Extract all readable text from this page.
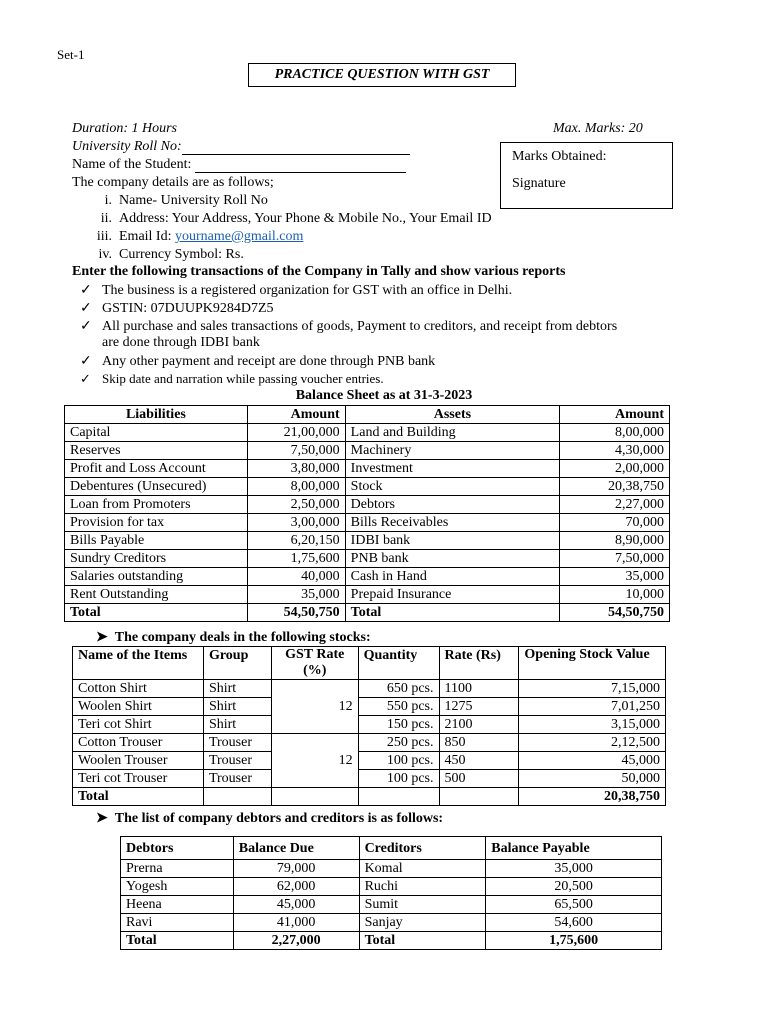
Set-1
PRACTICE QUESTION WITH GST
Duration: 1 Hours	Max. Marks: 20
University Roll No:
Name of the Student:
Marks Obtained:
Signature
The company details are as follows;
i. Name- University Roll No
ii. Address: Your Address, Your Phone & Mobile No., Your Email ID
iii. Email Id: yourname@gmail.com
iv. Currency Symbol: Rs.
Enter the following transactions of the Company in Tally and show various reports
✓ The business is a registered organization for GST with an office in Delhi.
✓ GSTIN: 07DUUPK9284D7Z5
✓ All purchase and sales transactions of goods, Payment to creditors, and receipt from debtors
are done through IDBI bank
✓ Any other payment and receipt are done through PNB bank
✓ Skip date and narration while passing voucher entries.
Balance Sheet as at 31-3-2023
Liabilities	Amount	Assets	Amount
Capital	21,00,000	Land and Building	8,00,000
Reserves	7,50,000	Machinery	4,30,000
Profit and Loss Account	3,80,000	Investment	2,00,000
Debentures (Unsecured)	8,00,000	Stock	20,38,750
Loan from Promoters	2,50,000	Debtors	2,27,000
Provision for tax	3,00,000	Bills Receivables	70,000
Bills Payable	6,20,150	IDBI bank	8,90,000
Sundry Creditors	1,75,600	PNB bank	7,50,000
Salaries outstanding	40,000	Cash in Hand	35,000
Rent Outstanding	35,000	Prepaid Insurance	10,000
Total	54,50,750	Total	54,50,750
➤ The company deals in the following stocks:
Name of the Items	Group	GST Rate (%)	Quantity	Rate (Rs)	Opening Stock Value
Cotton Shirt	Shirt	12	650 pcs.	1100	7,15,000
Woolen Shirt	Shirt		550 pcs.	1275	7,01,250
Teri cot Shirt	Shirt		150 pcs.	2100	3,15,000
Cotton Trouser	Trouser	12	250 pcs.	850	2,12,500
Woolen Trouser	Trouser		100 pcs.	450	45,000
Teri cot Trouser	Trouser		100 pcs.	500	50,000
Total					20,38,750
➤ The list of company debtors and creditors is as follows:
Debtors	Balance Due	Creditors	Balance Payable
Prerna	79,000	Komal	35,000
Yogesh	62,000	Ruchi	20,500
Heena	45,000	Sumit	65,500
Ravi	41,000	Sanjay	54,600
Total	2,27,000	Total	1,75,600
